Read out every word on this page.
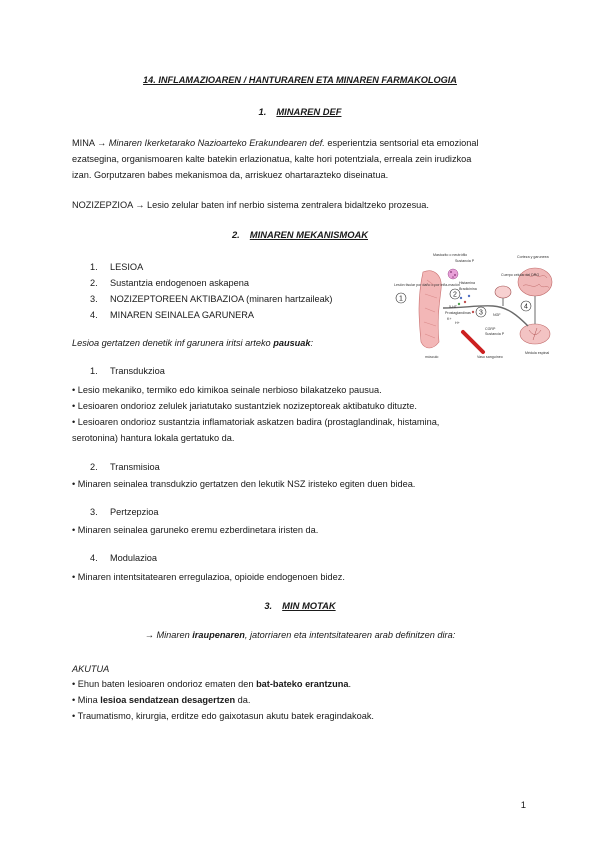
14. INFLAMAZIOAREN / HANTURAREN ETA MINAREN FARMAKOLOGIA
1. MINAREN DEF
MINA → Minaren Ikerketarako Nazioarteko Erakundearen def. esperientzia sentsorial eta emozional
ezatsegina, organismoaren kalte batekin erlazionatua, kalte hori potentziala, erreala zein irudizkoa
izan. Gorputzaren babes mekanismoa da, arriskuez ohartarazteko diseinatua.
NOZIZEPZIOA → Lesio zelular baten inf nerbio sistema zentralera bidaltzeko prozesua.
2. MINAREN MEKANISMOAK
1. LESIOA
2. Sustantzia endogenoen askapena
3. NOZIZEPTOREEN AKTIBAZIOA (minaren hartzaileak)
4. MINAREN SEINALEA GARUNERA
1
2
3
4
Mastozito o neutrófilo
Sustancia P
Cuerpo celular del DRG
Corteza y garuneea
Lesión tisular por daño o por infla-mación Histamina
Bradicinina
5-HT
Prostaglandinas
K+
H+
CGRP
Sustancia P
Vaso sanguíneo
Médula espinal
músculo
NGF
Lesioa gertatzen denetik inf garunera iritsi arteko pausuak:
1. Transdukzioa
• Lesio mekaniko, termiko edo kimikoa seinale nerbioso bilakatzeko pausua.
• Lesioaren ondorioz zelulek jariatutako sustantziek nozizeptoreak aktibatuko dituzte.
• Lesioaren ondorioz sustantzia inflamatoriak askatzen badira (prostaglandinak, histamina,
serotonina) hantura lokala gertatuko da.
2. Transmisioa
• Minaren seinalea transdukzio gertatzen den lekutik NSZ iristeko egiten duen bidea.
3. Pertzepzioa
• Minaren seinalea garuneko eremu ezberdinetara iristen da.
4. Modulazioa
• Minaren intentsitatearen erregulazioa, opioide endogenoen bidez.
3. MIN MOTAK
→ Minaren iraupenaren, jatorriaren eta intentsitatearen arab definitzen dira:
AKUTUA
• Ehun baten lesioaren ondorioz ematen den bat-bateko erantzuna.
• Mina lesioa sendatzean desagertzen da.
• Traumatismo, kirurgia, erditze edo gaixotasun akutu batek eragindakoak.
1
